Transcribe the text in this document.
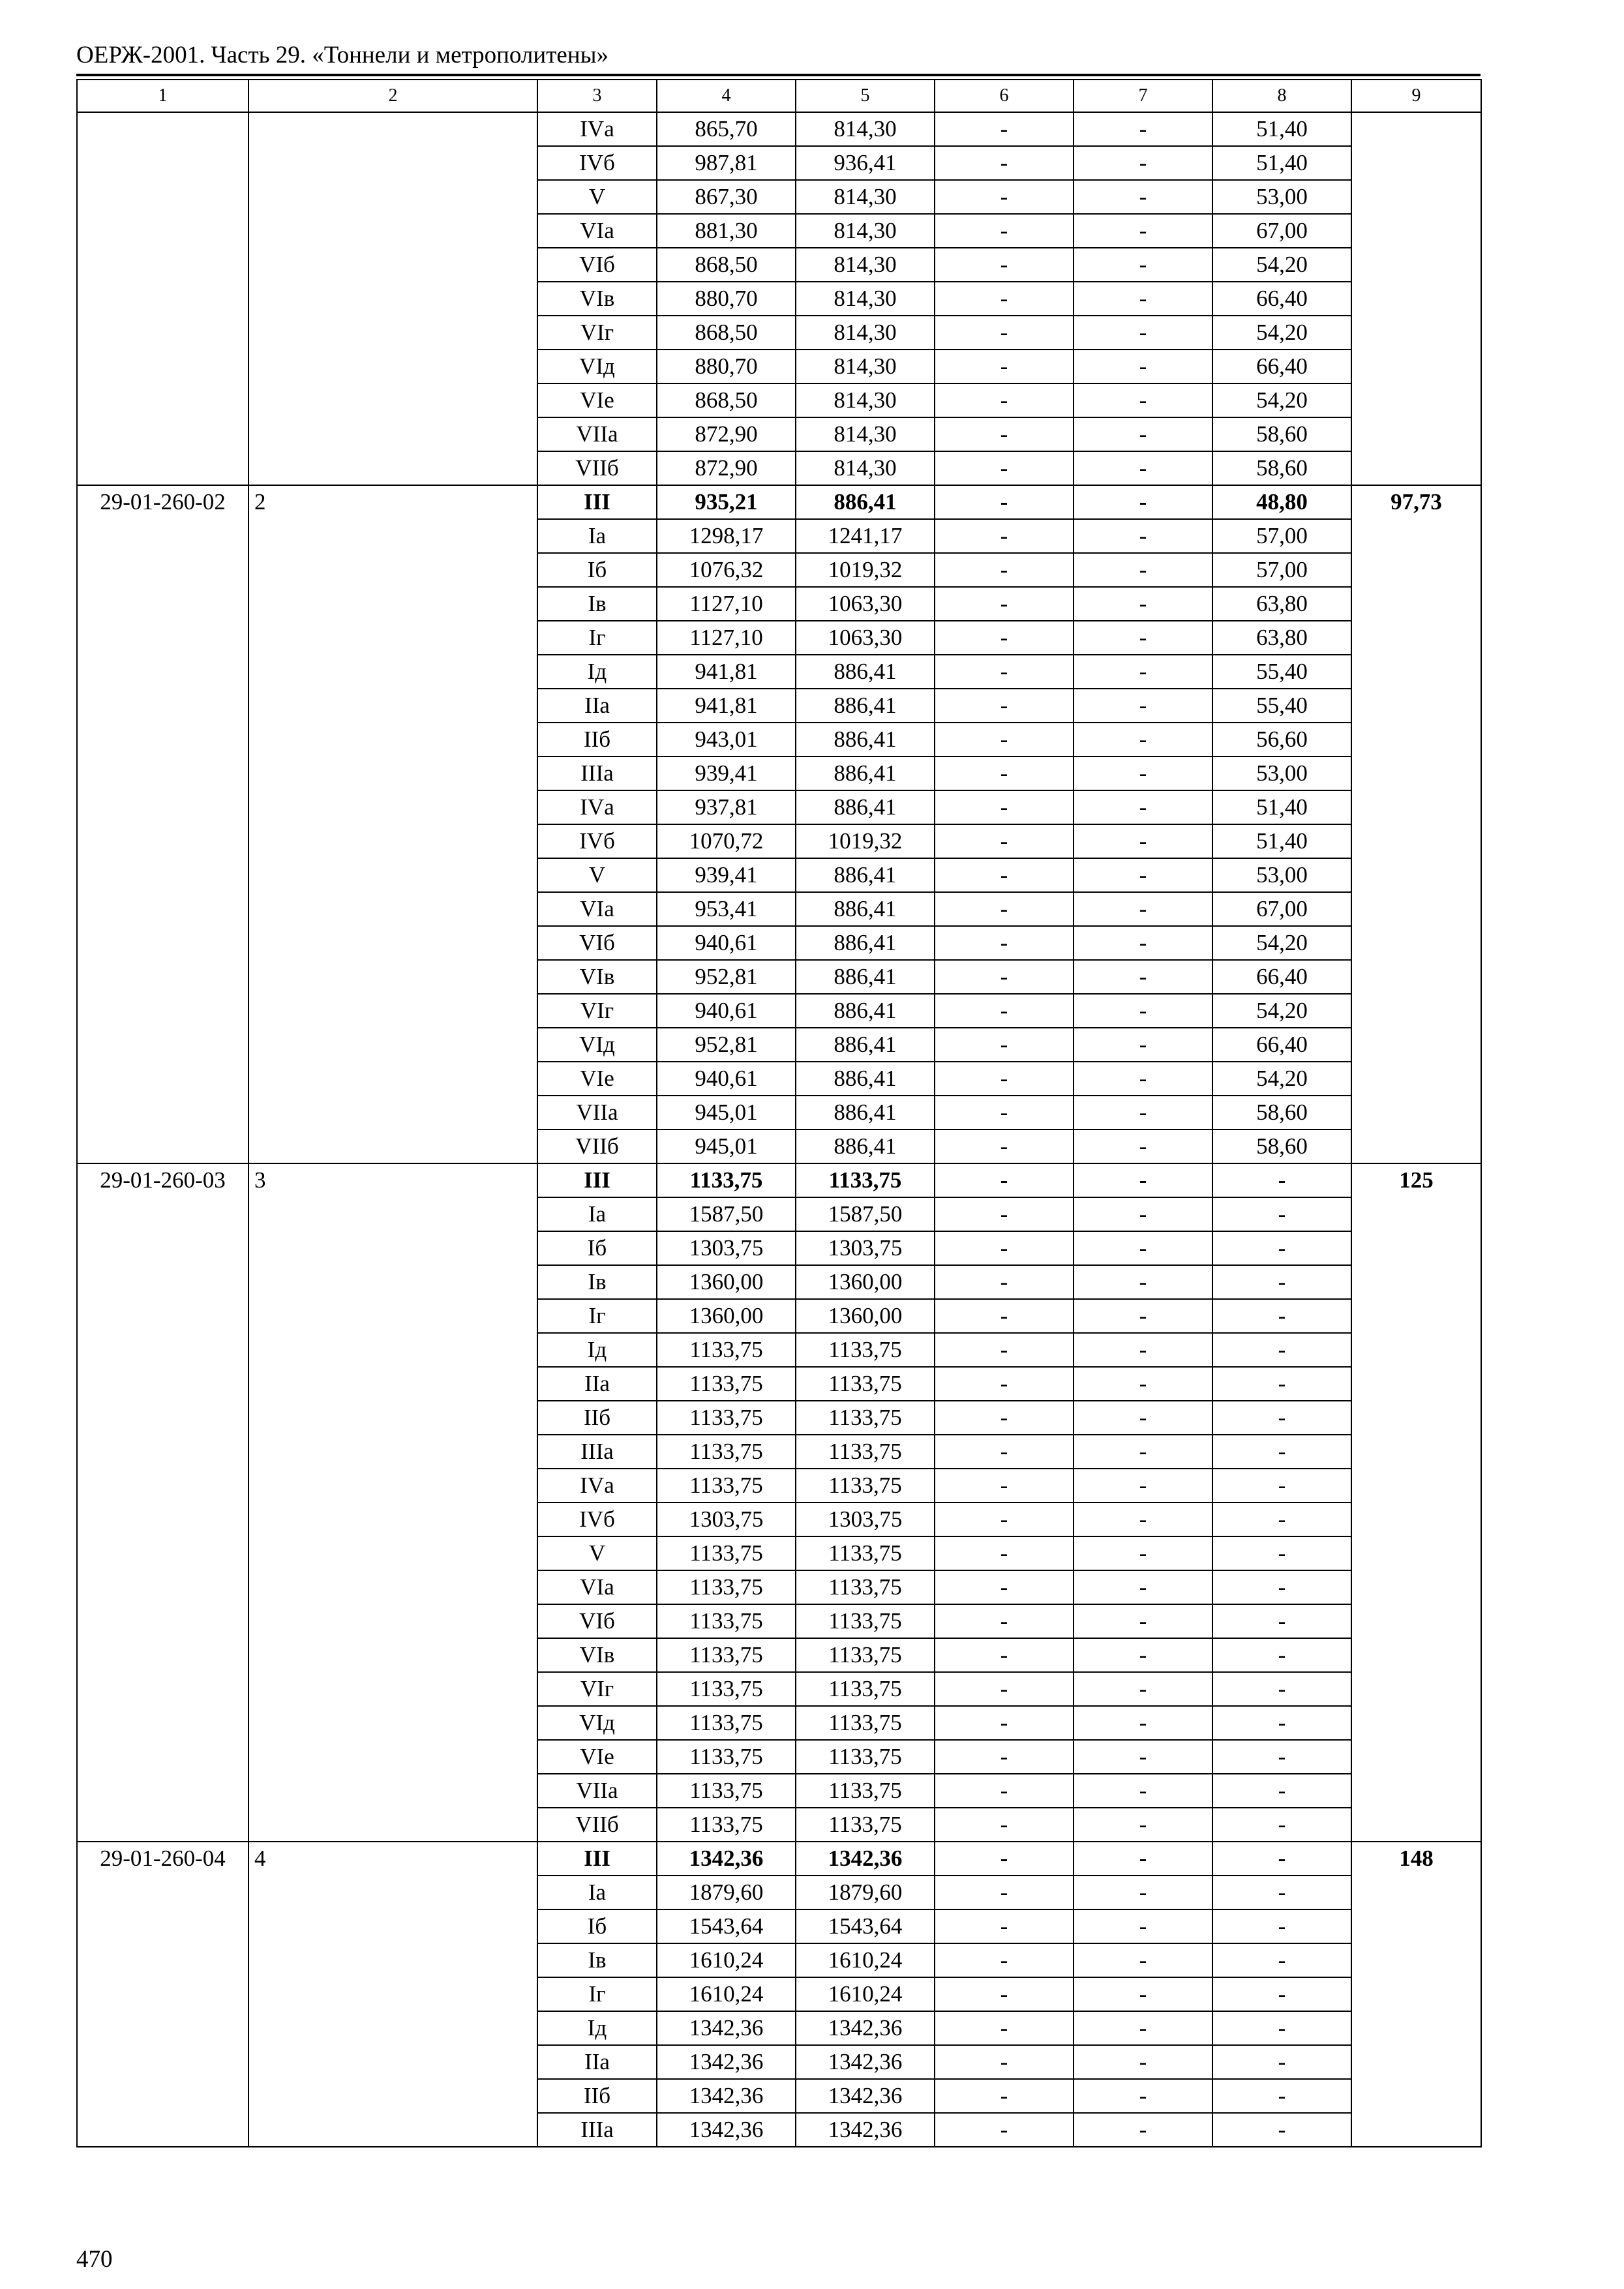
ОЕРЖ-2001. Часть 29. «Тоннели и метрополитены»
1	2	3	4	5	6	7	8	9
		IVа	865,70	814,30	-	-	51,40	
		IVб	987,81	936,41	-	-	51,40	
		V	867,30	814,30	-	-	53,00	
		VIа	881,30	814,30	-	-	67,00	
		VIб	868,50	814,30	-	-	54,20	
		VIв	880,70	814,30	-	-	66,40	
		VIг	868,50	814,30	-	-	54,20	
		VIд	880,70	814,30	-	-	66,40	
		VIе	868,50	814,30	-	-	54,20	
		VIIа	872,90	814,30	-	-	58,60	
		VIIб	872,90	814,30	-	-	58,60	
29-01-260-02	2	III	935,21	886,41	-	-	48,80	97,73
		Iа	1298,17	1241,17	-	-	57,00	
		Iб	1076,32	1019,32	-	-	57,00	
		Iв	1127,10	1063,30	-	-	63,80	
		Iг	1127,10	1063,30	-	-	63,80	
		Iд	941,81	886,41	-	-	55,40	
		IIа	941,81	886,41	-	-	55,40	
		IIб	943,01	886,41	-	-	56,60	
		IIIа	939,41	886,41	-	-	53,00	
		IVа	937,81	886,41	-	-	51,40	
		IVб	1070,72	1019,32	-	-	51,40	
		V	939,41	886,41	-	-	53,00	
		VIа	953,41	886,41	-	-	67,00	
		VIб	940,61	886,41	-	-	54,20	
		VIв	952,81	886,41	-	-	66,40	
		VIг	940,61	886,41	-	-	54,20	
		VIд	952,81	886,41	-	-	66,40	
		VIе	940,61	886,41	-	-	54,20	
		VIIа	945,01	886,41	-	-	58,60	
		VIIб	945,01	886,41	-	-	58,60	
29-01-260-03	3	III	1133,75	1133,75	-	-	-	125
		Iа	1587,50	1587,50	-	-	-	
		Iб	1303,75	1303,75	-	-	-	
		Iв	1360,00	1360,00	-	-	-	
		Iг	1360,00	1360,00	-	-	-	
		Iд	1133,75	1133,75	-	-	-	
		IIа	1133,75	1133,75	-	-	-	
		IIб	1133,75	1133,75	-	-	-	
		IIIа	1133,75	1133,75	-	-	-	
		IVа	1133,75	1133,75	-	-	-	
		IVб	1303,75	1303,75	-	-	-	
		V	1133,75	1133,75	-	-	-	
		VIа	1133,75	1133,75	-	-	-	
		VIб	1133,75	1133,75	-	-	-	
		VIв	1133,75	1133,75	-	-	-	
		VIг	1133,75	1133,75	-	-	-	
		VIд	1133,75	1133,75	-	-	-	
		VIе	1133,75	1133,75	-	-	-	
		VIIа	1133,75	1133,75	-	-	-	
		VIIб	1133,75	1133,75	-	-	-	
29-01-260-04	4	III	1342,36	1342,36	-	-	-	148
		Iа	1879,60	1879,60	-	-	-	
		Iб	1543,64	1543,64	-	-	-	
		Iв	1610,24	1610,24	-	-	-	
		Iг	1610,24	1610,24	-	-	-	
		Iд	1342,36	1342,36	-	-	-	
		IIа	1342,36	1342,36	-	-	-	
		IIб	1342,36	1342,36	-	-	-	
		IIIа	1342,36	1342,36	-	-	-	
470
